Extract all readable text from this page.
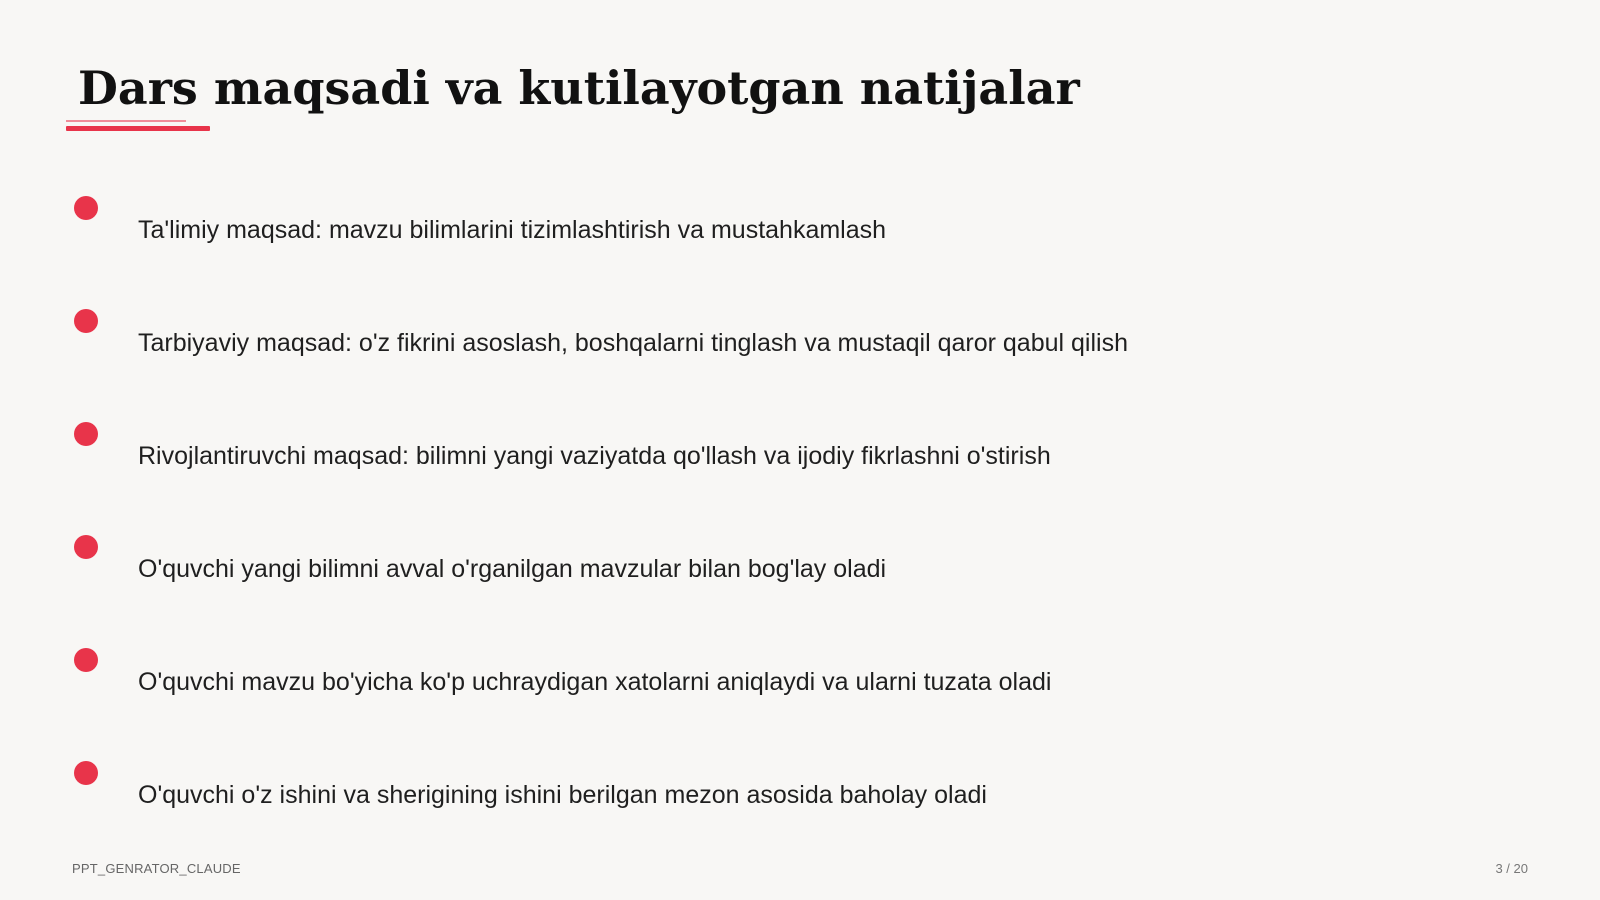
Dars maqsadi va kutilayotgan natijalar
Ta'limiy maqsad: mavzu bilimlarini tizimlashtirish va mustahkamlash
Tarbiyaviy maqsad: o'z fikrini asoslash, boshqalarni tinglash va mustaqil qaror qabul qilish
Rivojlantiruvchi maqsad: bilimni yangi vaziyatda qo'llash va ijodiy fikrlashni o'stirish
O'quvchi yangi bilimni avval o'rganilgan mavzular bilan bog'lay oladi
O'quvchi mavzu bo'yicha ko'p uchraydigan xatolarni aniqlaydi va ularni tuzata oladi
O'quvchi o'z ishini va sherigining ishini berilgan mezon asosida baholay oladi
PPT_GENRATOR_CLAUDE	3 / 20
